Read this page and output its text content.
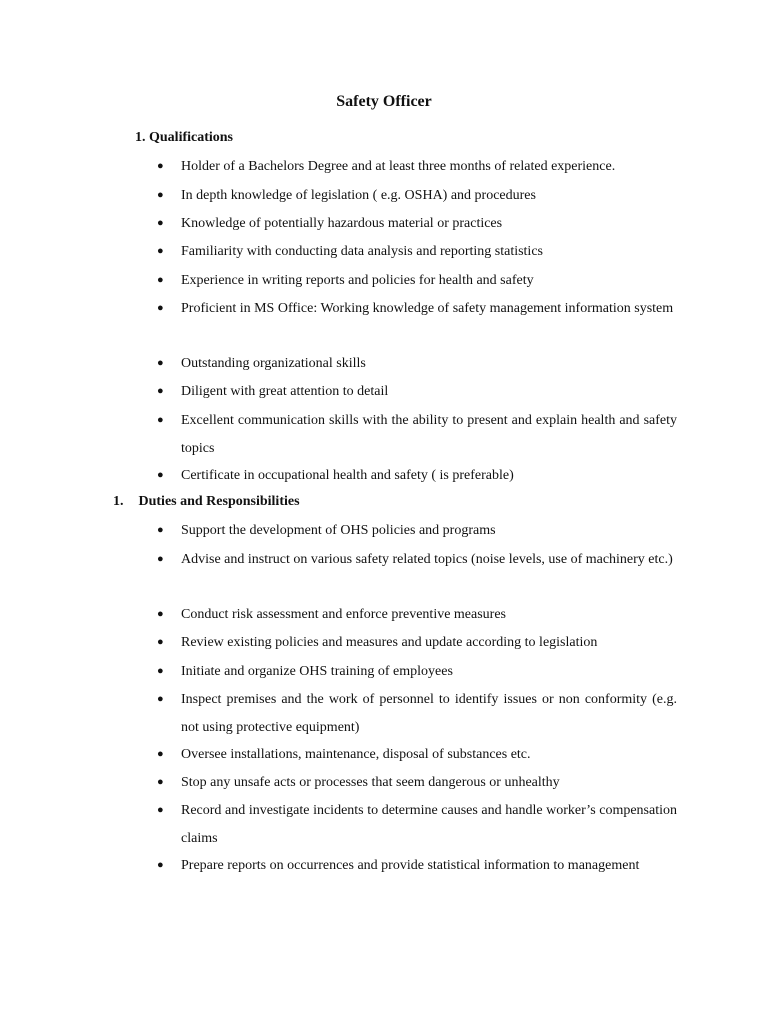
Safety Officer
1. Qualifications
● Holder of a Bachelors Degree and at least three months of related experience.
● In depth knowledge of legislation ( e.g. OSHA) and procedures
● Knowledge of potentially hazardous material or practices
● Familiarity with conducting data analysis and reporting statistics
● Experience in writing reports and policies for health and safety
● Proficient in MS Office: Working knowledge of safety management information system
● Outstanding organizational skills
● Diligent with great attention to detail
● Excellent communication skills with the ability to present and explain health and safety topics
● Certificate in occupational health and safety ( is preferable)
1. Duties and Responsibilities
● Support the development of OHS policies and programs
● Advise and instruct on various safety related topics (noise levels, use of machinery etc.)
● Conduct risk assessment and enforce preventive measures
● Review existing policies and measures and update according to legislation
● Initiate and organize OHS training of employees
● Inspect premises and the work of personnel to identify issues or non conformity (e.g. not using protective equipment)
● Oversee installations, maintenance, disposal of substances etc.
● Stop any unsafe acts or processes that seem dangerous or unhealthy
● Record and investigate incidents to determine causes and handle worker’s compensation claims
● Prepare reports on occurrences and provide statistical information to management
